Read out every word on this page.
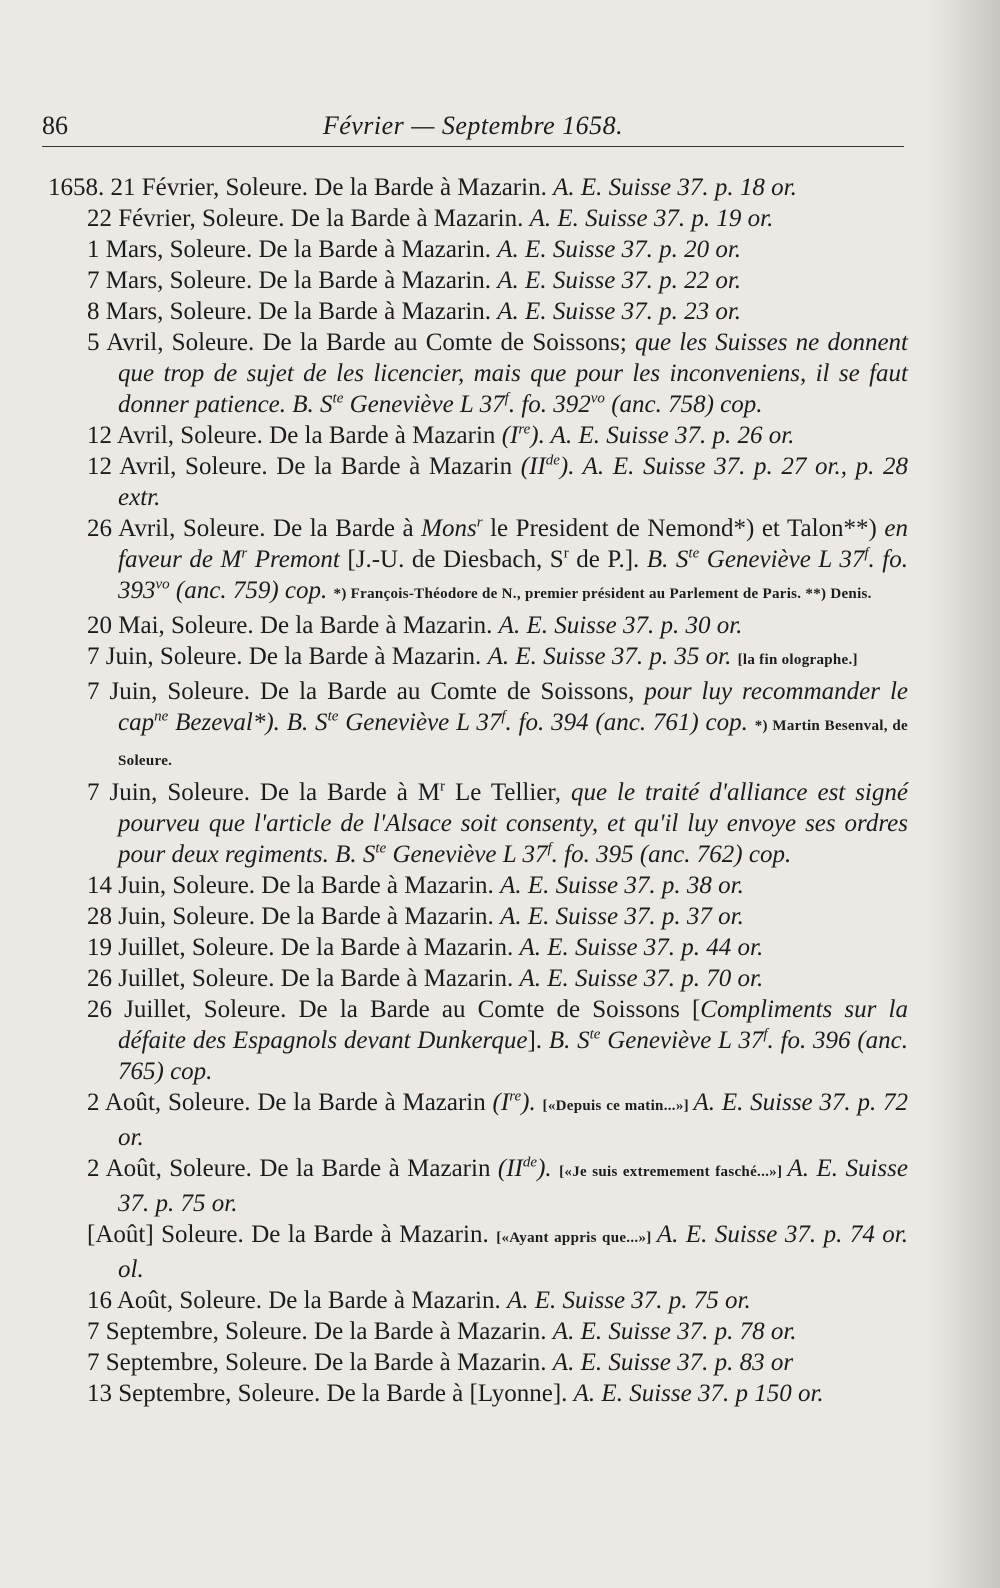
86	Février — Septembre 1658.
1658. 21 Février, Soleure. De la Barde à Mazarin. A. E. Suisse 37. p. 18 or.
22 Février, Soleure. De la Barde à Mazarin. A. E. Suisse 37. p. 19 or.
1 Mars, Soleure. De la Barde à Mazarin. A. E. Suisse 37. p. 20 or.
7 Mars, Soleure. De la Barde à Mazarin. A. E. Suisse 37. p. 22 or.
8 Mars, Soleure. De la Barde à Mazarin. A. E. Suisse 37. p. 23 or.
5 Avril, Soleure. De la Barde au Comte de Soissons; que les Suisses ne donnent que trop de sujet de les licencier, mais que pour les inconveniens, il se faut donner patience. B. $S^{te}$ Geneviève L 37$^f$. fo. $392^{vo}$ (anc. 758) cop.
12 Avril, Soleure. De la Barde à Mazarin (Ire). A. E. Suisse 37. p. 26 or.
12 Avril, Soleure. De la Barde à Mazarin (IIde). A. E. Suisse 37. p. 27 or., p. 28 extr.
26 Avril, Soleure. De la Barde à Mons$^r$ le President de Nemond*) et Talon**) en faveur de $M^r$ Premont [J.-U. de Diesbach, $S^r$ de P.]. B. $S^{te}$ Geneviève L 37$^f$. fo. $393^{vo}$ (anc. 759) cop. *) François-Théodore de N., premier président au Parlement de Paris. **) Denis.
20 Mai, Soleure. De la Barde à Mazarin. A. E. Suisse 37. p. 30 or.
7 Juin, Soleure. De la Barde à Mazarin. A. E. Suisse 37. p. 35 or. [la fin olographe.]
7 Juin, Soleure. De la Barde au Comte de Soissons, pour luy recommander le cap$^{ne}$ Bezeval*). B. $S^{te}$ Geneviève L 37$^f$. fo. 394 (anc. 761) cop. *) Martin Besenval, de Soleure.
7 Juin, Soleure. De la Barde à $M^r$ Le Tellier, que le traité d'alliance est signé pourveu que l'article de l'Alsace soit consenty, et qu'il luy envoye ses ordres pour deux regiments. B. $S^{te}$ Geneviève L 37$^f$. fo. 395 (anc. 762) cop.
14 Juin, Soleure. De la Barde à Mazarin. A. E. Suisse 37. p. 38 or.
28 Juin, Soleure. De la Barde à Mazarin. A. E. Suisse 37. p. 37 or.
19 Juillet, Soleure. De la Barde à Mazarin. A. E. Suisse 37. p. 44 or.
26 Juillet, Soleure. De la Barde à Mazarin. A. E. Suisse 37. p. 70 or.
26 Juillet, Soleure. De la Barde au Comte de Soissons [Compliments sur la défaite des Espagnols devant Dunkerque]. B. $S^{te}$ Geneviève L 37$^f$. fo. 396 (anc. 765) cop.
2 Août, Soleure. De la Barde à Mazarin (Ire). [«Depuis ce matin...»] A. E. Suisse 37. p. 72 or.
2 Août, Soleure. De la Barde à Mazarin (IIde). [«Je suis extremement fasché...»] A. E. Suisse 37. p. 75 or.
[Août] Soleure. De la Barde à Mazarin. [«Ayant appris que...»] A. E. Suisse 37. p. 74 or. ol.
16 Août, Soleure. De la Barde à Mazarin. A. E. Suisse 37. p. 75 or.
7 Septembre, Soleure. De la Barde à Mazarin. A. E. Suisse 37. p. 78 or.
7 Septembre, Soleure. De la Barde à Mazarin. A. E. Suisse 37. p. 83 or
13 Septembre, Soleure. De la Barde à [Lyonne]. A. E. Suisse 37. p 150 or.
